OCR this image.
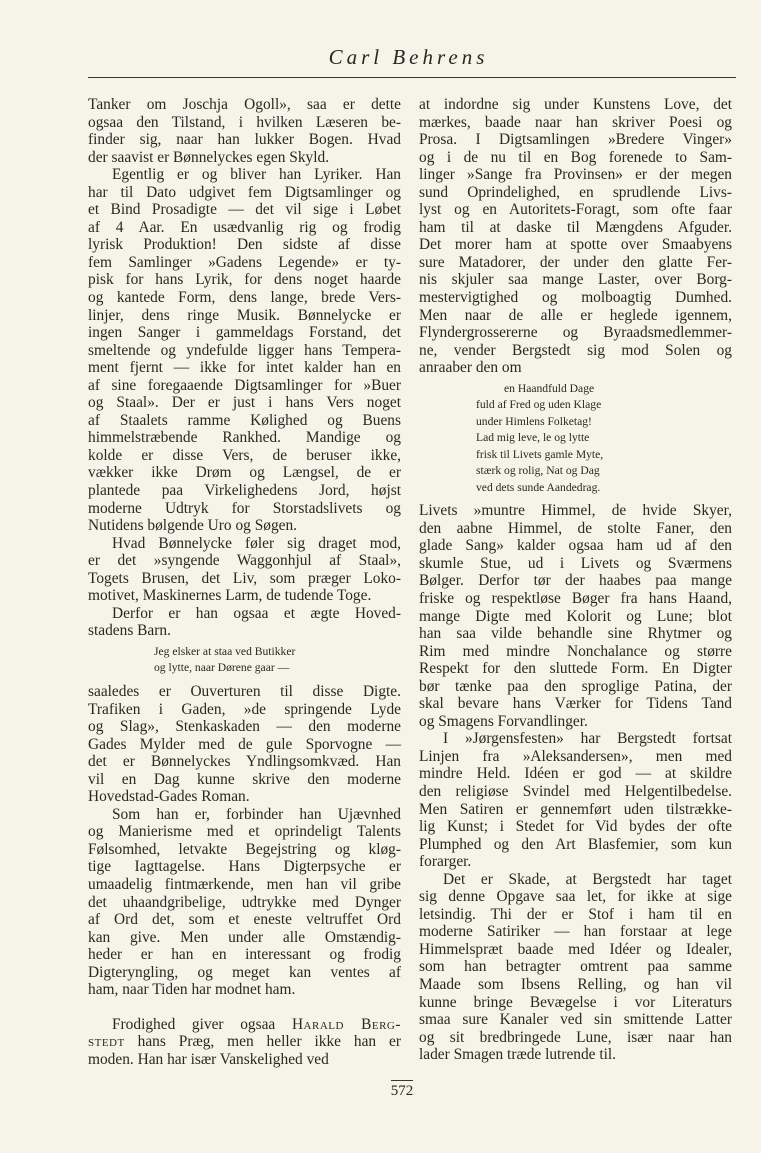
Carl Behrens
Tanker om Joschja Ogoll», saa er dette
ogsaa den Tilstand, i hvilken Læseren be-
finder sig, naar han lukker Bogen. Hvad
der saavist er Bønnelyckes egen Skyld.
Egentlig er og bliver han Lyriker. Han
har til Dato udgivet fem Digtsamlinger og
et Bind Prosadigte — det vil sige i Løbet
af 4 Aar. En usædvanlig rig og frodig
lyrisk Produktion! Den sidste af disse
fem Samlinger »Gadens Legende» er ty-
pisk for hans Lyrik, for dens noget haarde
og kantede Form, dens lange, brede Vers-
linjer, dens ringe Musik. Bønnelycke er
ingen Sanger i gammeldags Forstand, det
smeltende og yndefulde ligger hans Tempera-
ment fjernt — ikke for intet kalder han en
af sine foregaaende Digtsamlinger for »Buer
og Staal». Der er just i hans Vers noget
af Staalets ramme Kølighed og Buens
himmelstræbende Rankhed. Mandige og
kolde er disse Vers, de beruser ikke,
vækker ikke Drøm og Længsel, de er
plantede paa Virkelighedens Jord, højst
moderne Udtryk for Storstadslivets og
Nutidens bølgende Uro og Søgen.
Hvad Bønnelycke føler sig draget mod,
er det »syngende Waggonhjul af Staal»,
Togets Brusen, det Liv, som præger Loko-
motivet, Maskinernes Larm, de tudende Toge.
Derfor er han ogsaa et ægte Hoved-
stadens Barn.
Jeg elsker at staa ved Butikker
og lytte, naar Dørene gaar —
saaledes er Ouverturen til disse Digte.
Trafiken i Gaden, »de springende Lyde
og Slag», Stenkaskaden — den moderne
Gades Mylder med de gule Sporvogne —
det er Bønnelyckes Yndlingsomkvæd. Han
vil en Dag kunne skrive den moderne
Hovedstad-Gades Roman.
Som han er, forbinder han Ujævnhed
og Manierisme med et oprindeligt Talents
Følsomhed, letvakte Begejstring og kløg-
tige Iagttagelse. Hans Digterpsyche er
umaadelig fintmærkende, men han vil gribe
det uhaandgribelige, udtrykke med Dynger
af Ord det, som et eneste veltruffet Ord
kan give. Men under alle Omstændig-
heder er han en interessant og frodig
Digteryngling, og meget kan ventes af
ham, naar Tiden har modnet ham.
Frodighed giver ogsaa Harald Berg-
stedt hans Præg, men heller ikke han er
moden. Han har især Vanskelighed ved
at indordne sig under Kunstens Love, det
mærkes, baade naar han skriver Poesi og
Prosa. I Digtsamlingen »Bredere Vinger»
og i de nu til en Bog forenede to Sam-
linger »Sange fra Provinsen» er der megen
sund Oprindelighed, en sprudlende Livs-
lyst og en Autoritets-Foragt, som ofte faar
ham til at daske til Mængdens Afguder.
Det morer ham at spotte over Smaabyens
sure Matadorer, der under den glatte Fer-
nis skjuler saa mange Laster, over Borg-
mestervigtighed og molboagtig Dumhed.
Men naar de alle er heglede igennem,
Flyndergrossererne og Byraadsmedlemmer-
ne, vender Bergstedt sig mod Solen og
anraaber den om
en Haandfuld Dage
fuld af Fred og uden Klage
under Himlens Folketag!
Lad mig leve, le og lytte
frisk til Livets gamle Myte,
stærk og rolig, Nat og Dag
ved dets sunde Aandedrag.
Livets »muntre Himmel, de hvide Skyer,
den aabne Himmel, de stolte Faner, den
glade Sang» kalder ogsaa ham ud af den
skumle Stue, ud i Livets og Sværmens
Bølger. Derfor tør der haabes paa mange
friske og respektløse Bøger fra hans Haand,
mange Digte med Kolorit og Lune; blot
han saa vilde behandle sine Rhytmer og
Rim med mindre Nonchalance og større
Respekt for den sluttede Form. En Digter
bør tænke paa den sproglige Patina, der
skal bevare hans Værker for Tidens Tand
og Smagens Forvandlinger.
I »Jørgensfesten» har Bergstedt fortsat
Linjen fra »Aleksandersen», men med
mindre Held. Idéen er god — at skildre
den religiøse Svindel med Helgentilbedelse.
Men Satiren er gennemført uden tilstrække-
lig Kunst; i Stedet for Vid bydes der ofte
Plumphed og den Art Blasfemier, som kun
forarger.
Det er Skade, at Bergstedt har taget
sig denne Opgave saa let, for ikke at sige
letsindig. Thi der er Stof i ham til en
moderne Satiriker — han forstaar at lege
Himmelspræt baade med Idéer og Idealer,
som han betragter omtrent paa samme
Maade som Ibsens Relling, og han vil
kunne bringe Bevægelse i vor Literaturs
smaa sure Kanaler ved sin smittende Latter
og sit bredbringede Lune, især naar han
lader Smagen træde lutrende til.
572
